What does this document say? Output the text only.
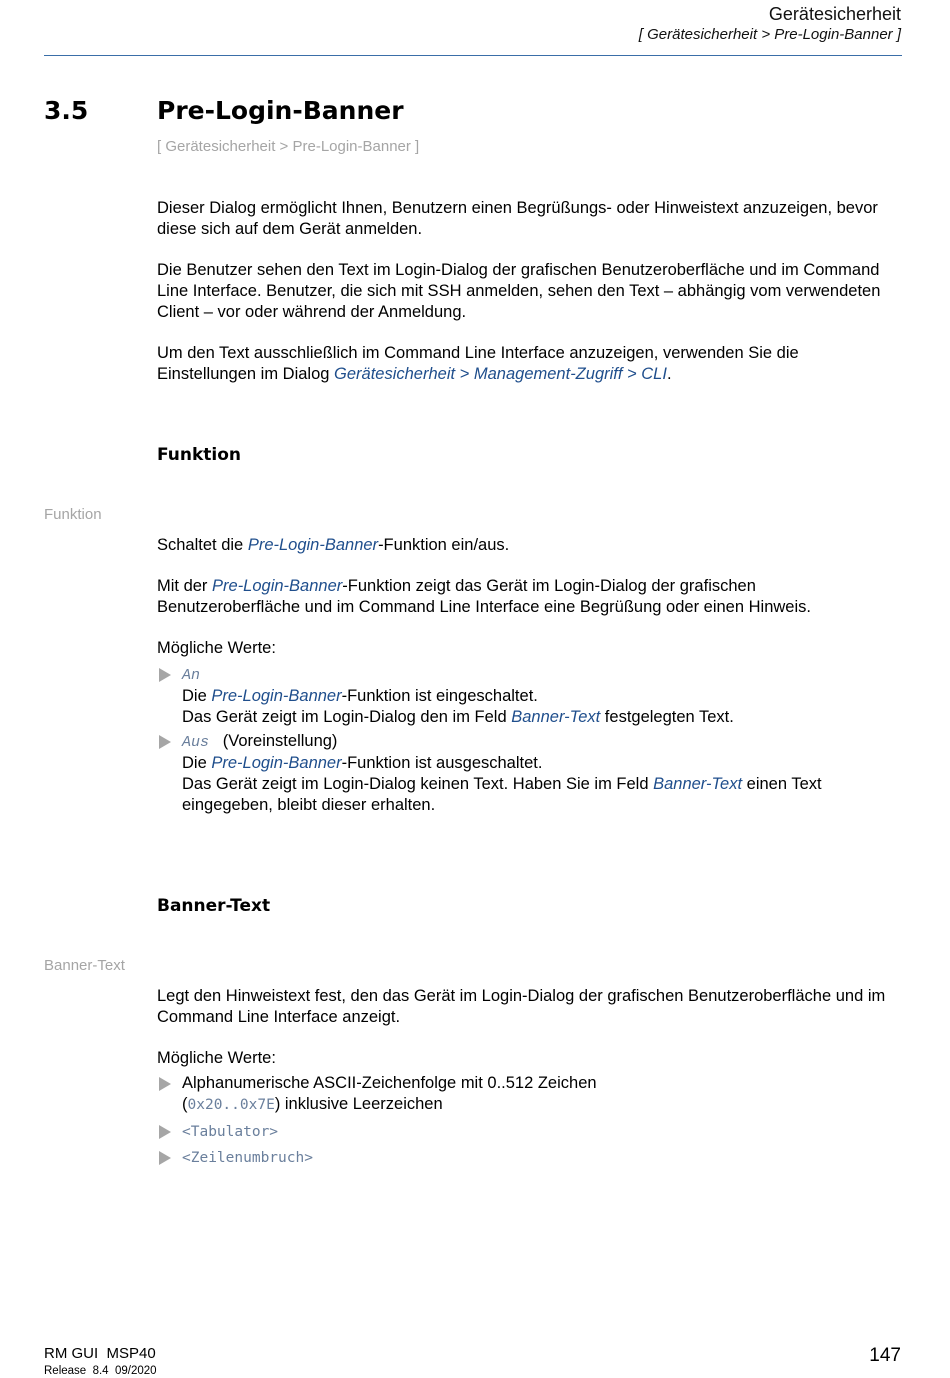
Gerätesicherheit
[ Gerätesicherheit > Pre-Login-Banner ]
3.5	Pre-Login-Banner
[ Gerätesicherheit > Pre-Login-Banner ]
Dieser Dialog ermöglicht Ihnen, Benutzern einen Begrüßungs- oder Hinweistext anzuzeigen, bevor diese sich auf dem Gerät anmelden.
Die Benutzer sehen den Text im Login-Dialog der grafischen Benutzeroberfläche und im Command Line Interface. Benutzer, die sich mit SSH anmelden, sehen den Text – abhängig vom verwendeten Client – vor oder während der Anmeldung.
Um den Text ausschließlich im Command Line Interface anzuzeigen, verwenden Sie die Einstellungen im Dialog Gerätesicherheit > Management-Zugriff > CLI.
Funktion
Funktion
Schaltet die Pre-Login-Banner-Funktion ein/aus.
Mit der Pre-Login-Banner-Funktion zeigt das Gerät im Login-Dialog der grafischen Benutzeroberfläche und im Command Line Interface eine Begrüßung oder einen Hinweis.
Mögliche Werte:
An
Die Pre-Login-Banner-Funktion ist eingeschaltet.
Das Gerät zeigt im Login-Dialog den im Feld Banner-Text festgelegten Text.
Aus (Voreinstellung)
Die Pre-Login-Banner-Funktion ist ausgeschaltet.
Das Gerät zeigt im Login-Dialog keinen Text. Haben Sie im Feld Banner-Text einen Text eingegeben, bleibt dieser erhalten.
Banner-Text
Banner-Text
Legt den Hinweistext fest, den das Gerät im Login-Dialog der grafischen Benutzeroberfläche und im Command Line Interface anzeigt.
Mögliche Werte:
Alphanumerische ASCII-Zeichenfolge mit 0..512 Zeichen
(0x20..0x7E) inklusive Leerzeichen
<Tabulator>
<Zeilenumbruch>
RM GUI  MSP40
Release  8.4  09/2020
147
